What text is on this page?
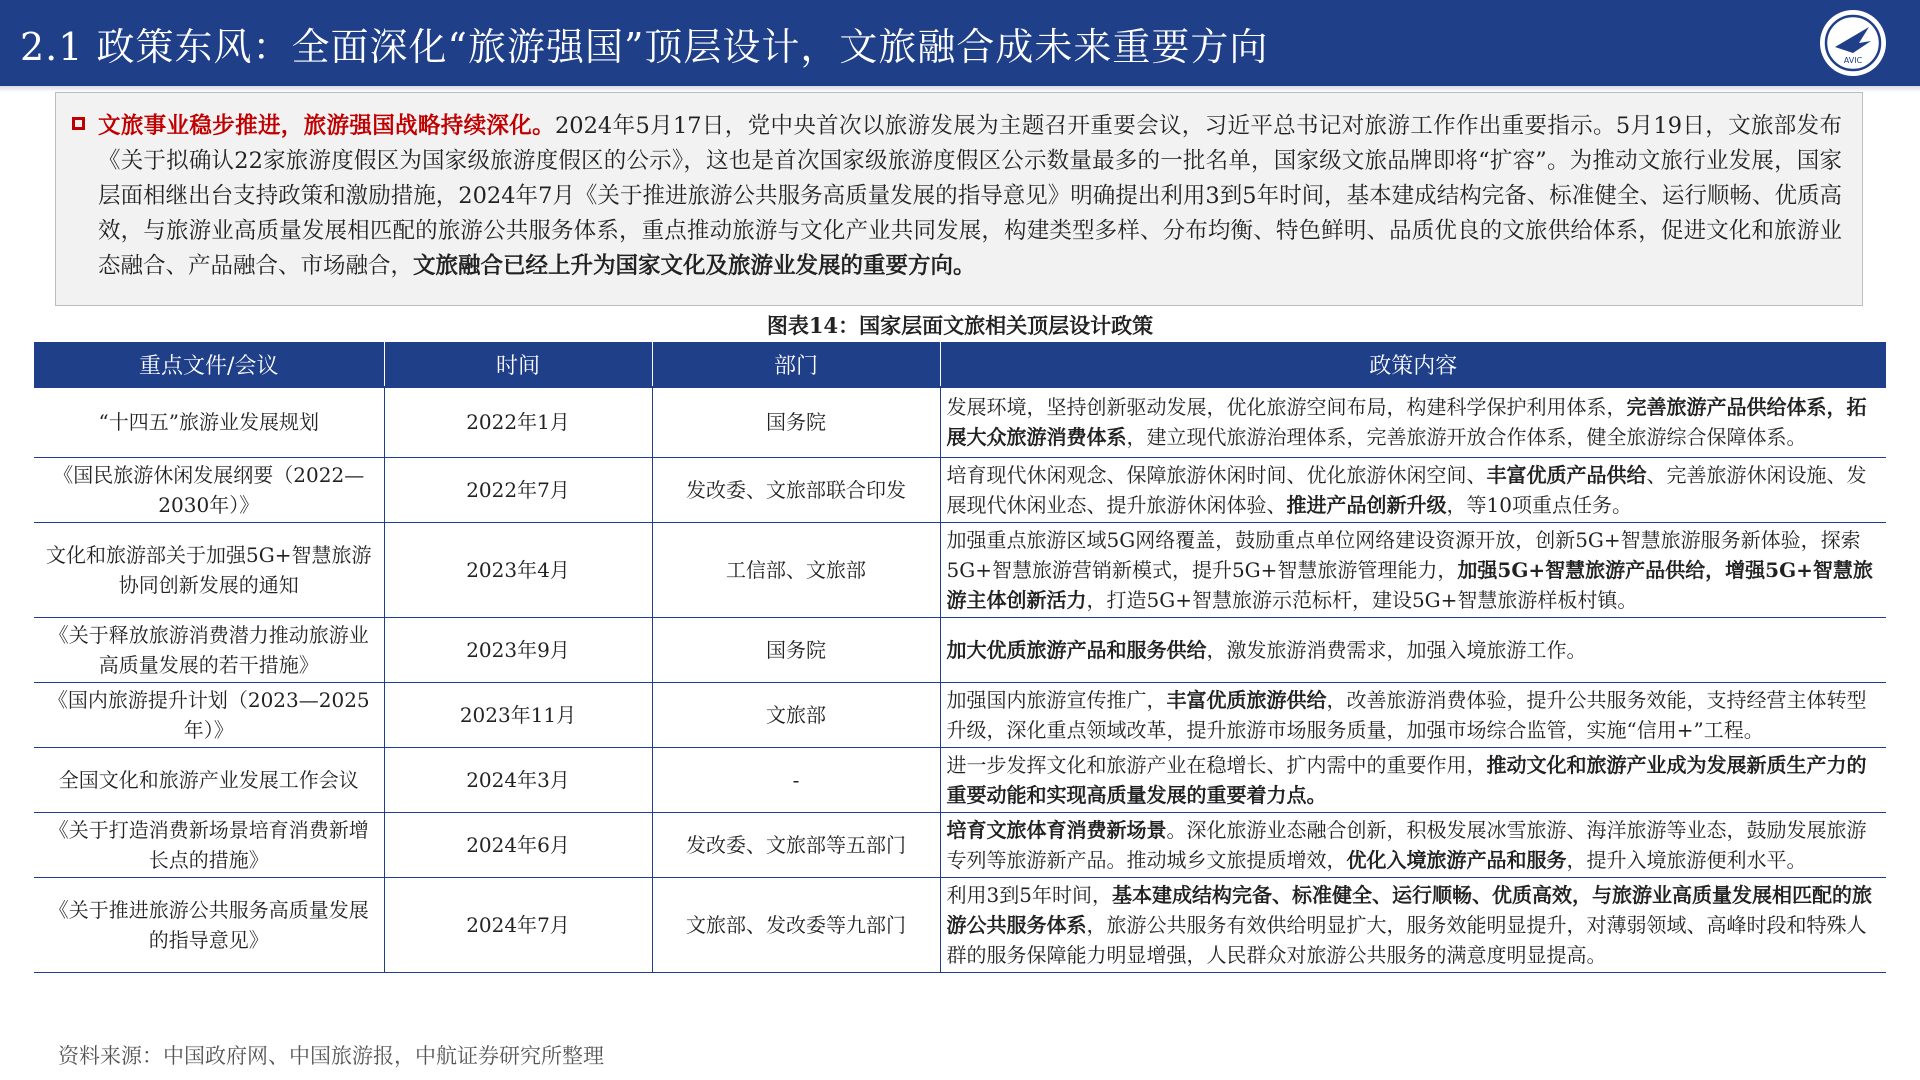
2.1 政策东风：全面深化“旅游强国”顶层设计，文旅融合成未来重要方向	AVIC
文旅事业稳步推进，旅游强国战略持续深化。2024年5月17日，党中央首次以旅游发展为主题召开重要会议，习近平总书记对旅游工作作出重要指示。5月19日，文旅部发布《关于拟确认22家旅游度假区为国家级旅游度假区的公示》，这也是首次国家级旅游度假区公示数量最多的一批名单，国家级文旅品牌即将“扩容”。为推动文旅行业发展，国家层面相继出台支持政策和激励措施，2024年7月《关于推进旅游公共服务高质量发展的指导意见》明确提出利用3到5年时间，基本建成结构完备、标准健全、运行顺畅、优质高效，与旅游业高质量发展相匹配的旅游公共服务体系，重点推动旅游与文化产业共同发展，构建类型多样、分布均衡、特色鲜明、品质优良的文旅供给体系，促进文化和旅游业态融合、产品融合、市场融合，文旅融合已经上升为国家文化及旅游业发展的重要方向。
图表14：国家层面文旅相关顶层设计政策
重点文件/会议	时间	部门	政策内容
“十四五”旅游业发展规划	2022年1月	国务院	发展环境，坚持创新驱动发展，优化旅游空间布局，构建科学保护利用体系，完善旅游产品供给体系，拓展大众旅游消费体系，建立现代旅游治理体系，完善旅游开放合作体系，健全旅游综合保障体系。
《国民旅游休闲发展纲要（2022—2030年）》	2022年7月	发改委、文旅部联合印发	培育现代休闲观念、保障旅游休闲时间、优化旅游休闲空间、丰富优质产品供给、完善旅游休闲设施、发展现代休闲业态、提升旅游休闲体验、推进产品创新升级，等10项重点任务。
文化和旅游部关于加强5G+智慧旅游协同创新发展的通知	2023年4月	工信部、文旅部	加强重点旅游区域5G网络覆盖，鼓励重点单位网络建设资源开放，创新5G+智慧旅游服务新体验，探索5G+智慧旅游营销新模式，提升5G+智慧旅游管理能力，加强5G+智慧旅游产品供给，增强5G+智慧旅游主体创新活力，打造5G+智慧旅游示范标杆，建设5G+智慧旅游样板村镇。
《关于释放旅游消费潜力推动旅游业高质量发展的若干措施》	2023年9月	国务院	加大优质旅游产品和服务供给，激发旅游消费需求，加强入境旅游工作。
《国内旅游提升计划（2023—2025年）》	2023年11月	文旅部	加强国内旅游宣传推广，丰富优质旅游供给，改善旅游消费体验，提升公共服务效能，支持经营主体转型升级，深化重点领域改革，提升旅游市场服务质量，加强市场综合监管，实施“信用+”工程。
全国文化和旅游产业发展工作会议	2024年3月	-	进一步发挥文化和旅游产业在稳增长、扩内需中的重要作用，推动文化和旅游产业成为发展新质生产力的重要动能和实现高质量发展的重要着力点。
《关于打造消费新场景培育消费新增长点的措施》	2024年6月	发改委、文旅部等五部门	培育文旅体育消费新场景。深化旅游业态融合创新，积极发展冰雪旅游、海洋旅游等业态，鼓励发展旅游专列等旅游新产品。推动城乡文旅提质增效，优化入境旅游产品和服务，提升入境旅游便利水平。
《关于推进旅游公共服务高质量发展的指导意见》	2024年7月	文旅部、发改委等九部门	利用3到5年时间，基本建成结构完备、标准健全、运行顺畅、优质高效，与旅游业高质量发展相匹配的旅游公共服务体系，旅游公共服务有效供给明显扩大，服务效能明显提升，对薄弱领域、高峰时段和特殊人群的服务保障能力明显增强，人民群众对旅游公共服务的满意度明显提高。
资料来源：中国政府网、中国旅游报，中航证券研究所整理
